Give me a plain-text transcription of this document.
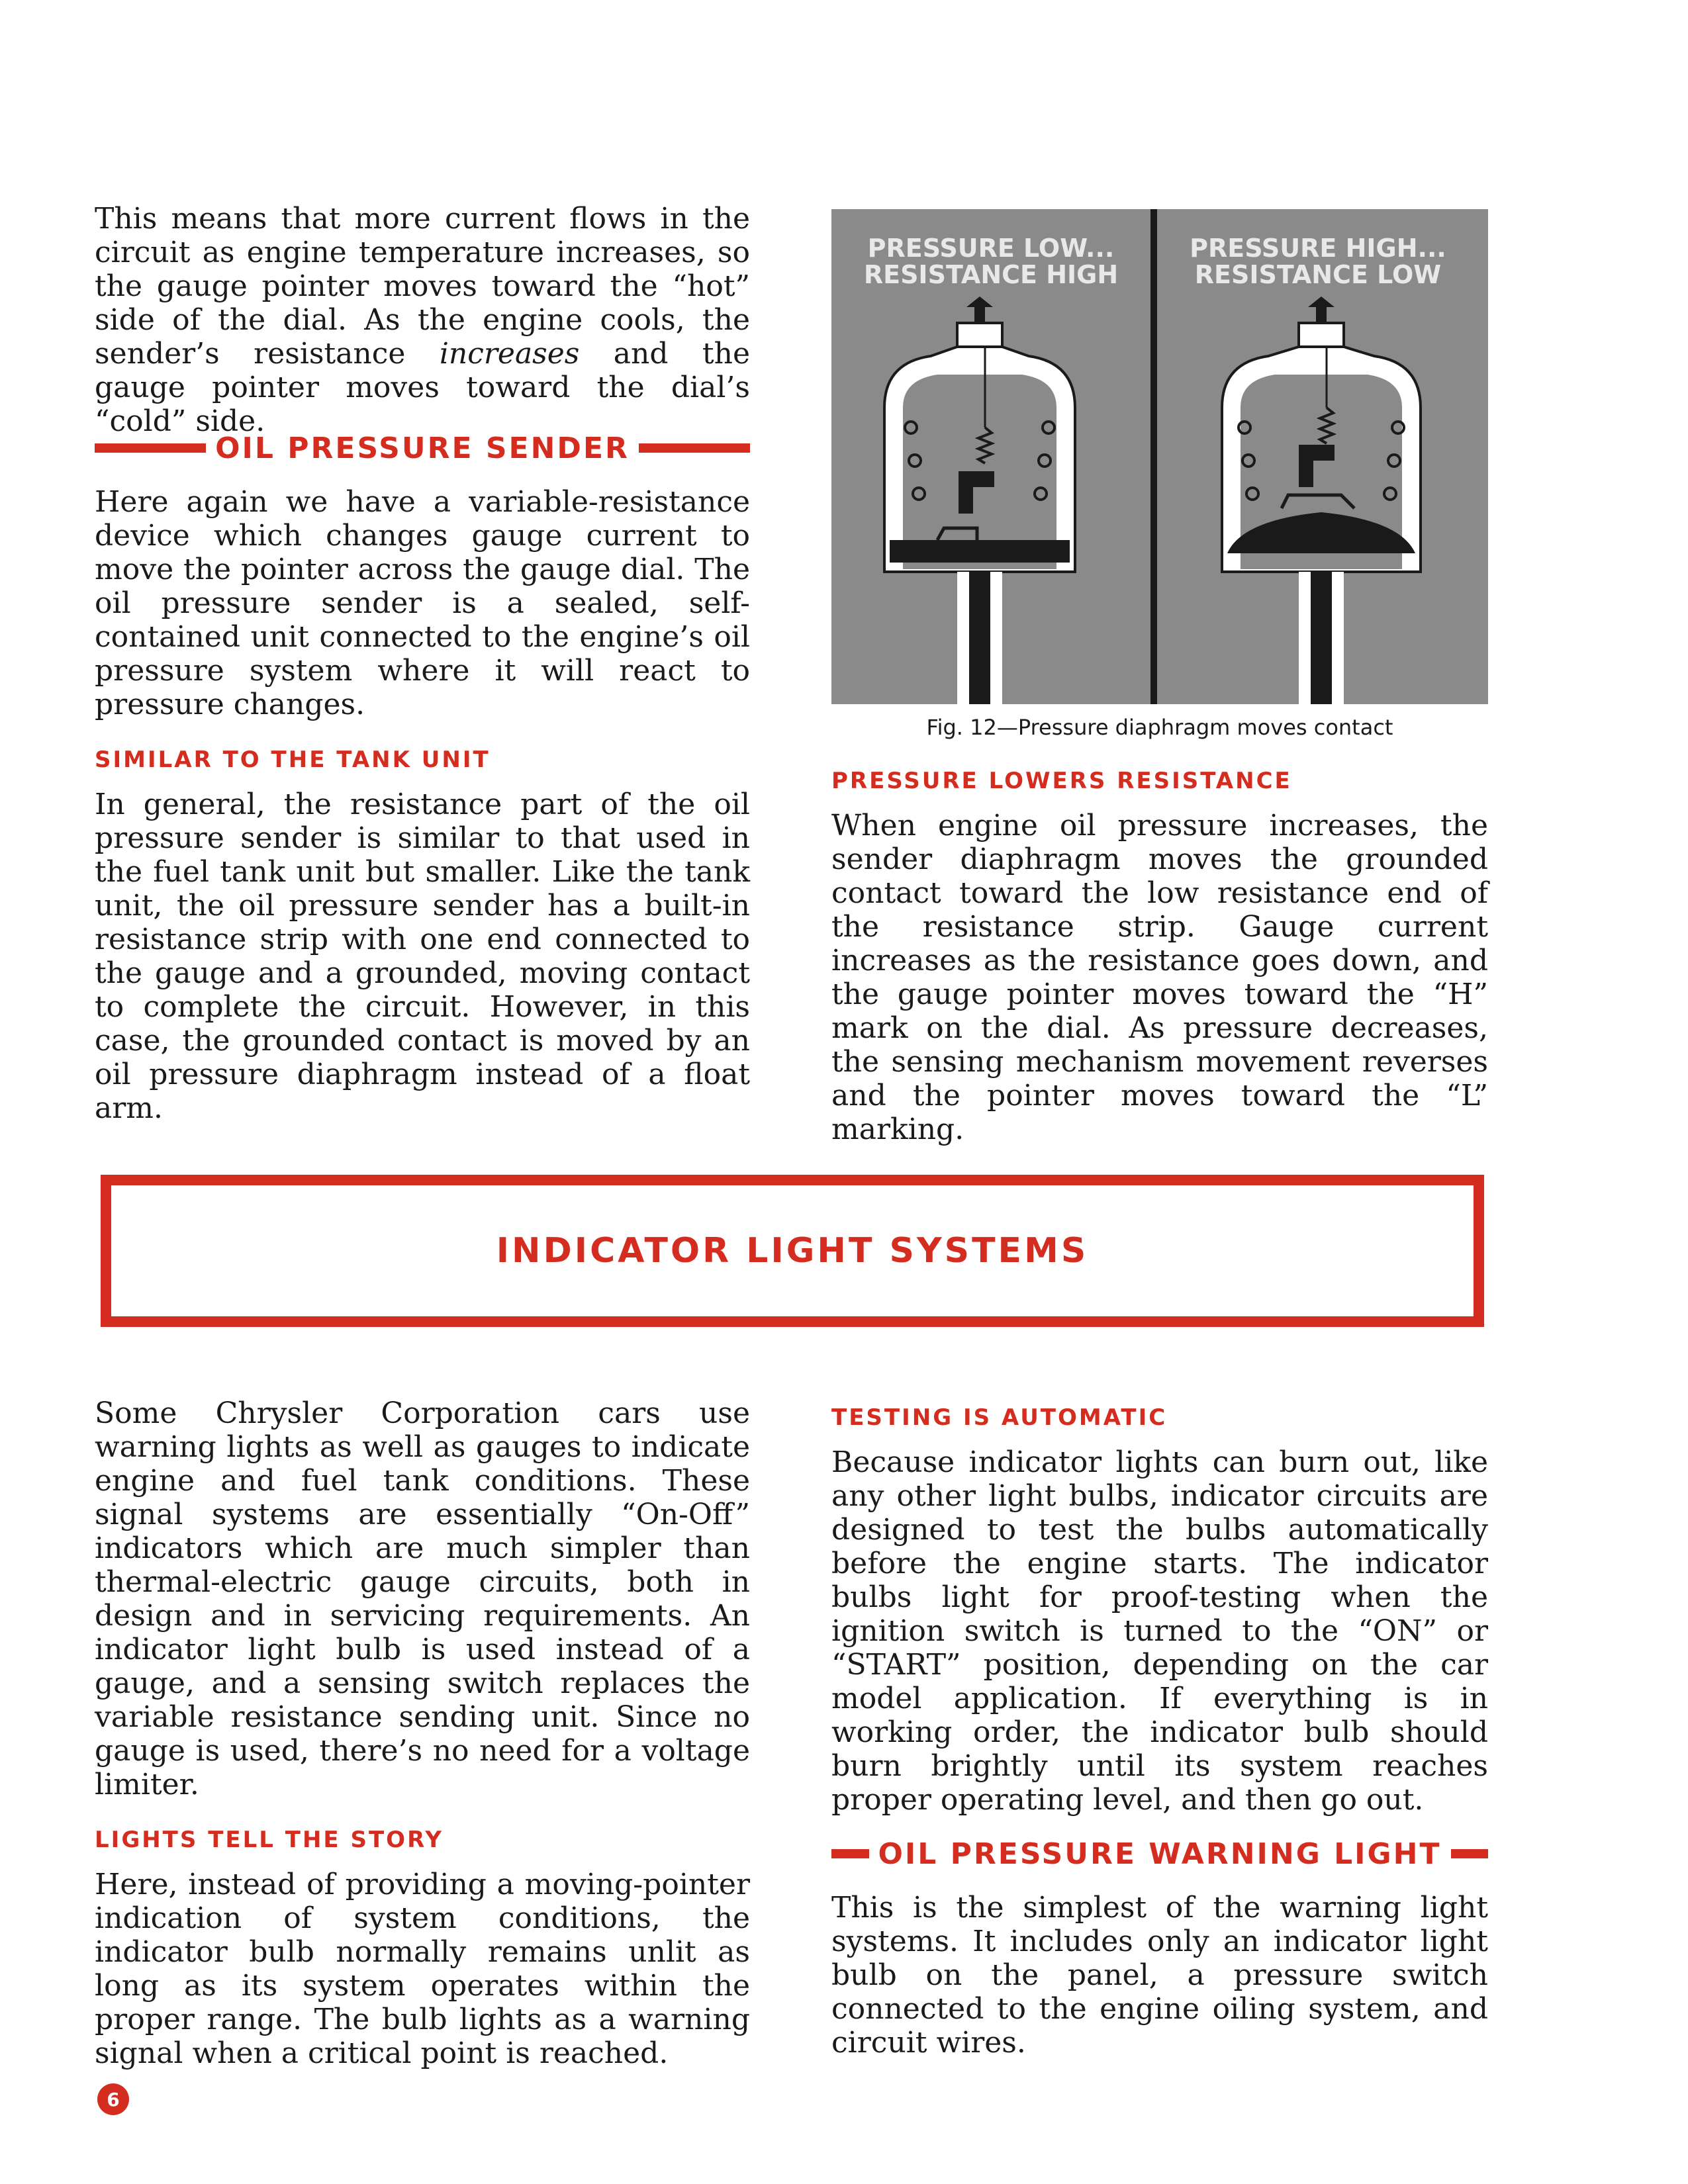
This means that more current flows in the circuit as engine temperature increases, so the gauge pointer moves toward the “hot” side of the dial. As the engine cools, the sender’s resistance increases and the gauge pointer moves toward the dial’s “cold” side.

OIL PRESSURE SENDER

Here again we have a variable-resistance device which changes gauge current to move the pointer across the gauge dial. The oil pressure sender is a sealed, self-contained unit connected to the engine’s oil pressure system where it will react to pressure changes.

SIMILAR TO THE TANK UNIT

In general, the resistance part of the oil pressure sender is similar to that used in the fuel tank unit but smaller. Like the tank unit, the oil pressure sender has a built-in resistance strip with one end connected to the gauge and a grounded, moving contact to complete the circuit. However, in this case, the grounded contact is moved by an oil pressure diaphragm instead of a float arm.

PRESSURE LOW...
RESISTANCE HIGH
PRESSURE HIGH...
RESISTANCE LOW
Fig. 12—Pressure diaphragm moves contact

PRESSURE LOWERS RESISTANCE

When engine oil pressure increases, the sender diaphragm moves the grounded contact toward the low resistance end of the resistance strip. Gauge current increases as the resistance goes down, and the gauge pointer moves toward the “H” mark on the dial. As pressure decreases, the sensing mechanism movement reverses and the pointer moves toward the “L” marking.

INDICATOR LIGHT SYSTEMS

Some Chrysler Corporation cars use warning lights as well as gauges to indicate engine and fuel tank conditions. These signal systems are essentially “On-Off” indicators which are much simpler than thermal-electric gauge circuits, both in design and in servicing requirements. An indicator light bulb is used instead of a gauge, and a sensing switch replaces the variable resistance sending unit. Since no gauge is used, there’s no need for a voltage limiter.

LIGHTS TELL THE STORY

Here, instead of providing a moving-pointer indication of system conditions, the indicator bulb normally remains unlit as long as its system operates within the proper range. The bulb lights as a warning signal when a critical point is reached.

TESTING IS AUTOMATIC

Because indicator lights can burn out, like any other light bulbs, indicator circuits are designed to test the bulbs automatically before the engine starts. The indicator bulbs light for proof-testing when the ignition switch is turned to the “ON” or “START” position, depending on the car model application. If everything is in working order, the indicator bulb should burn brightly until its system reaches proper operating level, and then go out.

OIL PRESSURE WARNING LIGHT

This is the simplest of the warning light systems. It includes only an indicator light bulb on the panel, a pressure switch connected to the engine oiling system, and circuit wires.

6
